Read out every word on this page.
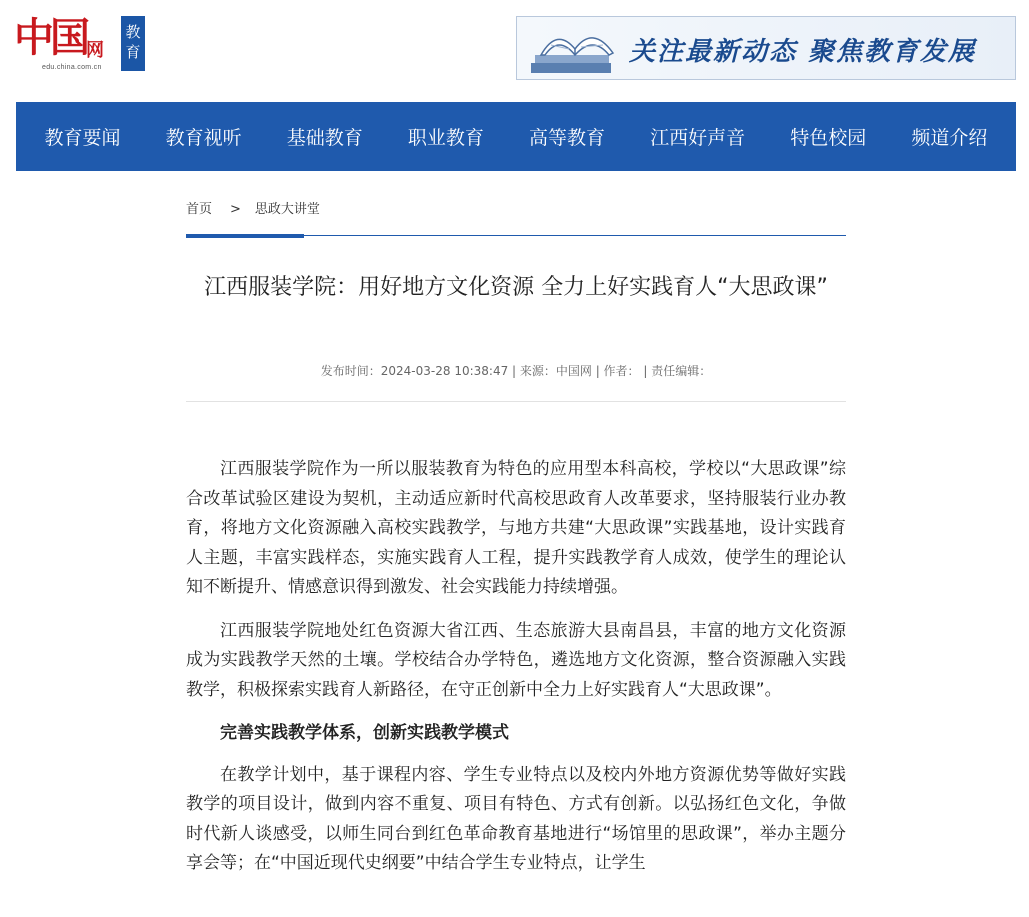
中国 网
edu.china.com.cn
教育	关注最新动态 聚焦教育发展
教育要闻 教育视听 基础教育 职业教育 高等教育 江西好声音 特色校园 频道介绍
首页 > 思政大讲堂
江西服装学院：用好地方文化资源 全力上好实践育人“大思政课”
发布时间：2024-03-28 10:38:47 | 来源：中国网 | 作者： | 责任编辑：

江西服装学院作为一所以服装教育为特色的应用型本科高校，学校以“大思政课”综合改革试验区建设为契机，主动适应新时代高校思政育人改革要求，坚持服装行业办教育，将地方文化资源融入高校实践教学，与地方共建“大思政课”实践基地，设计实践育人主题，丰富实践样态，实施实践育人工程，提升实践教学育人成效，使学生的理论认知不断提升、情感意识得到激发、社会实践能力持续增强。

江西服装学院地处红色资源大省江西、生态旅游大县南昌县，丰富的地方文化资源成为实践教学天然的土壤。学校结合办学特色，遴选地方文化资源，整合资源融入实践教学，积极探索实践育人新路径，在守正创新中全力上好实践育人“大思政课”。

完善实践教学体系，创新实践教学模式

在教学计划中，基于课程内容、学生专业特点以及校内外地方资源优势等做好实践教学的项目设计，做到内容不重复、项目有特色、方式有创新。以弘扬红色文化，争做时代新人谈感受，以师生同台到红色革命教育基地进行“场馆里的思政课”，举办主题分享会等；在“中国近现代史纲要”中结合学生专业特点，让学生
